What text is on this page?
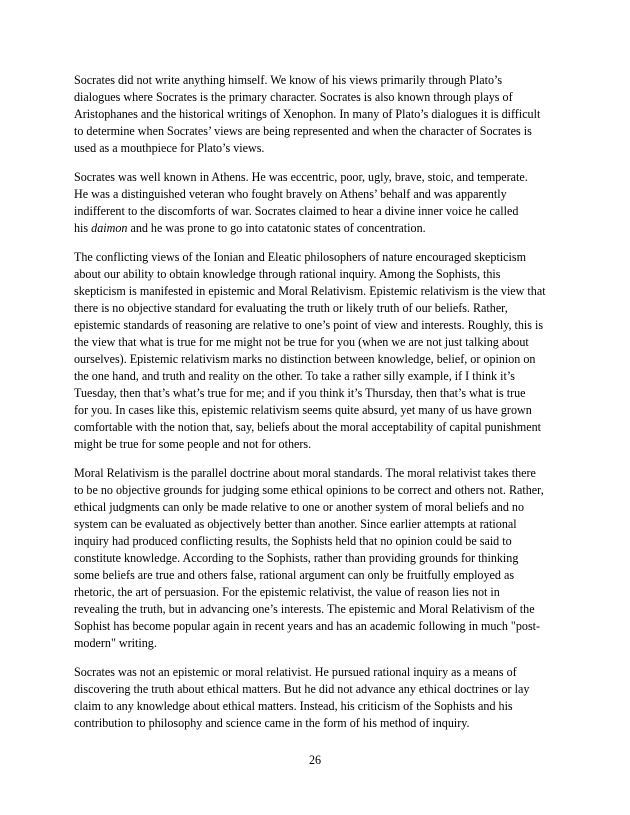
Socrates did not write anything himself. We know of his views primarily through Plato’s
dialogues where Socrates is the primary character. Socrates is also known through plays of
Aristophanes and the historical writings of Xenophon. In many of Plato’s dialogues it is difficult
to determine when Socrates’ views are being represented and when the character of Socrates is
used as a mouthpiece for Plato’s views.

Socrates was well known in Athens. He was eccentric, poor, ugly, brave, stoic, and temperate.
He was a distinguished veteran who fought bravely on Athens’ behalf and was apparently
indifferent to the discomforts of war. Socrates claimed to hear a divine inner voice he called
his daimon and he was prone to go into catatonic states of concentration.

The conflicting views of the Ionian and Eleatic philosophers of nature encouraged skepticism
about our ability to obtain knowledge through rational inquiry. Among the Sophists, this
skepticism is manifested in epistemic and Moral Relativism. Epistemic relativism is the view that
there is no objective standard for evaluating the truth or likely truth of our beliefs. Rather,
epistemic standards of reasoning are relative to one’s point of view and interests. Roughly, this is
the view that what is true for me might not be true for you (when we are not just talking about
ourselves). Epistemic relativism marks no distinction between knowledge, belief, or opinion on
the one hand, and truth and reality on the other. To take a rather silly example, if I think it’s
Tuesday, then that’s what’s true for me; and if you think it’s Thursday, then that’s what is true
for you. In cases like this, epistemic relativism seems quite absurd, yet many of us have grown
comfortable with the notion that, say, beliefs about the moral acceptability of capital punishment
might be true for some people and not for others.

Moral Relativism is the parallel doctrine about moral standards. The moral relativist takes there
to be no objective grounds for judging some ethical opinions to be correct and others not. Rather,
ethical judgments can only be made relative to one or another system of moral beliefs and no
system can be evaluated as objectively better than another. Since earlier attempts at rational
inquiry had produced conflicting results, the Sophists held that no opinion could be said to
constitute knowledge. According to the Sophists, rather than providing grounds for thinking
some beliefs are true and others false, rational argument can only be fruitfully employed as
rhetoric, the art of persuasion. For the epistemic relativist, the value of reason lies not in
revealing the truth, but in advancing one’s interests. The epistemic and Moral Relativism of the
Sophist has become popular again in recent years and has an academic following in much "post-
modern" writing.

Socrates was not an epistemic or moral relativist. He pursued rational inquiry as a means of
discovering the truth about ethical matters. But he did not advance any ethical doctrines or lay
claim to any knowledge about ethical matters. Instead, his criticism of the Sophists and his
contribution to philosophy and science came in the form of his method of inquiry.

26
